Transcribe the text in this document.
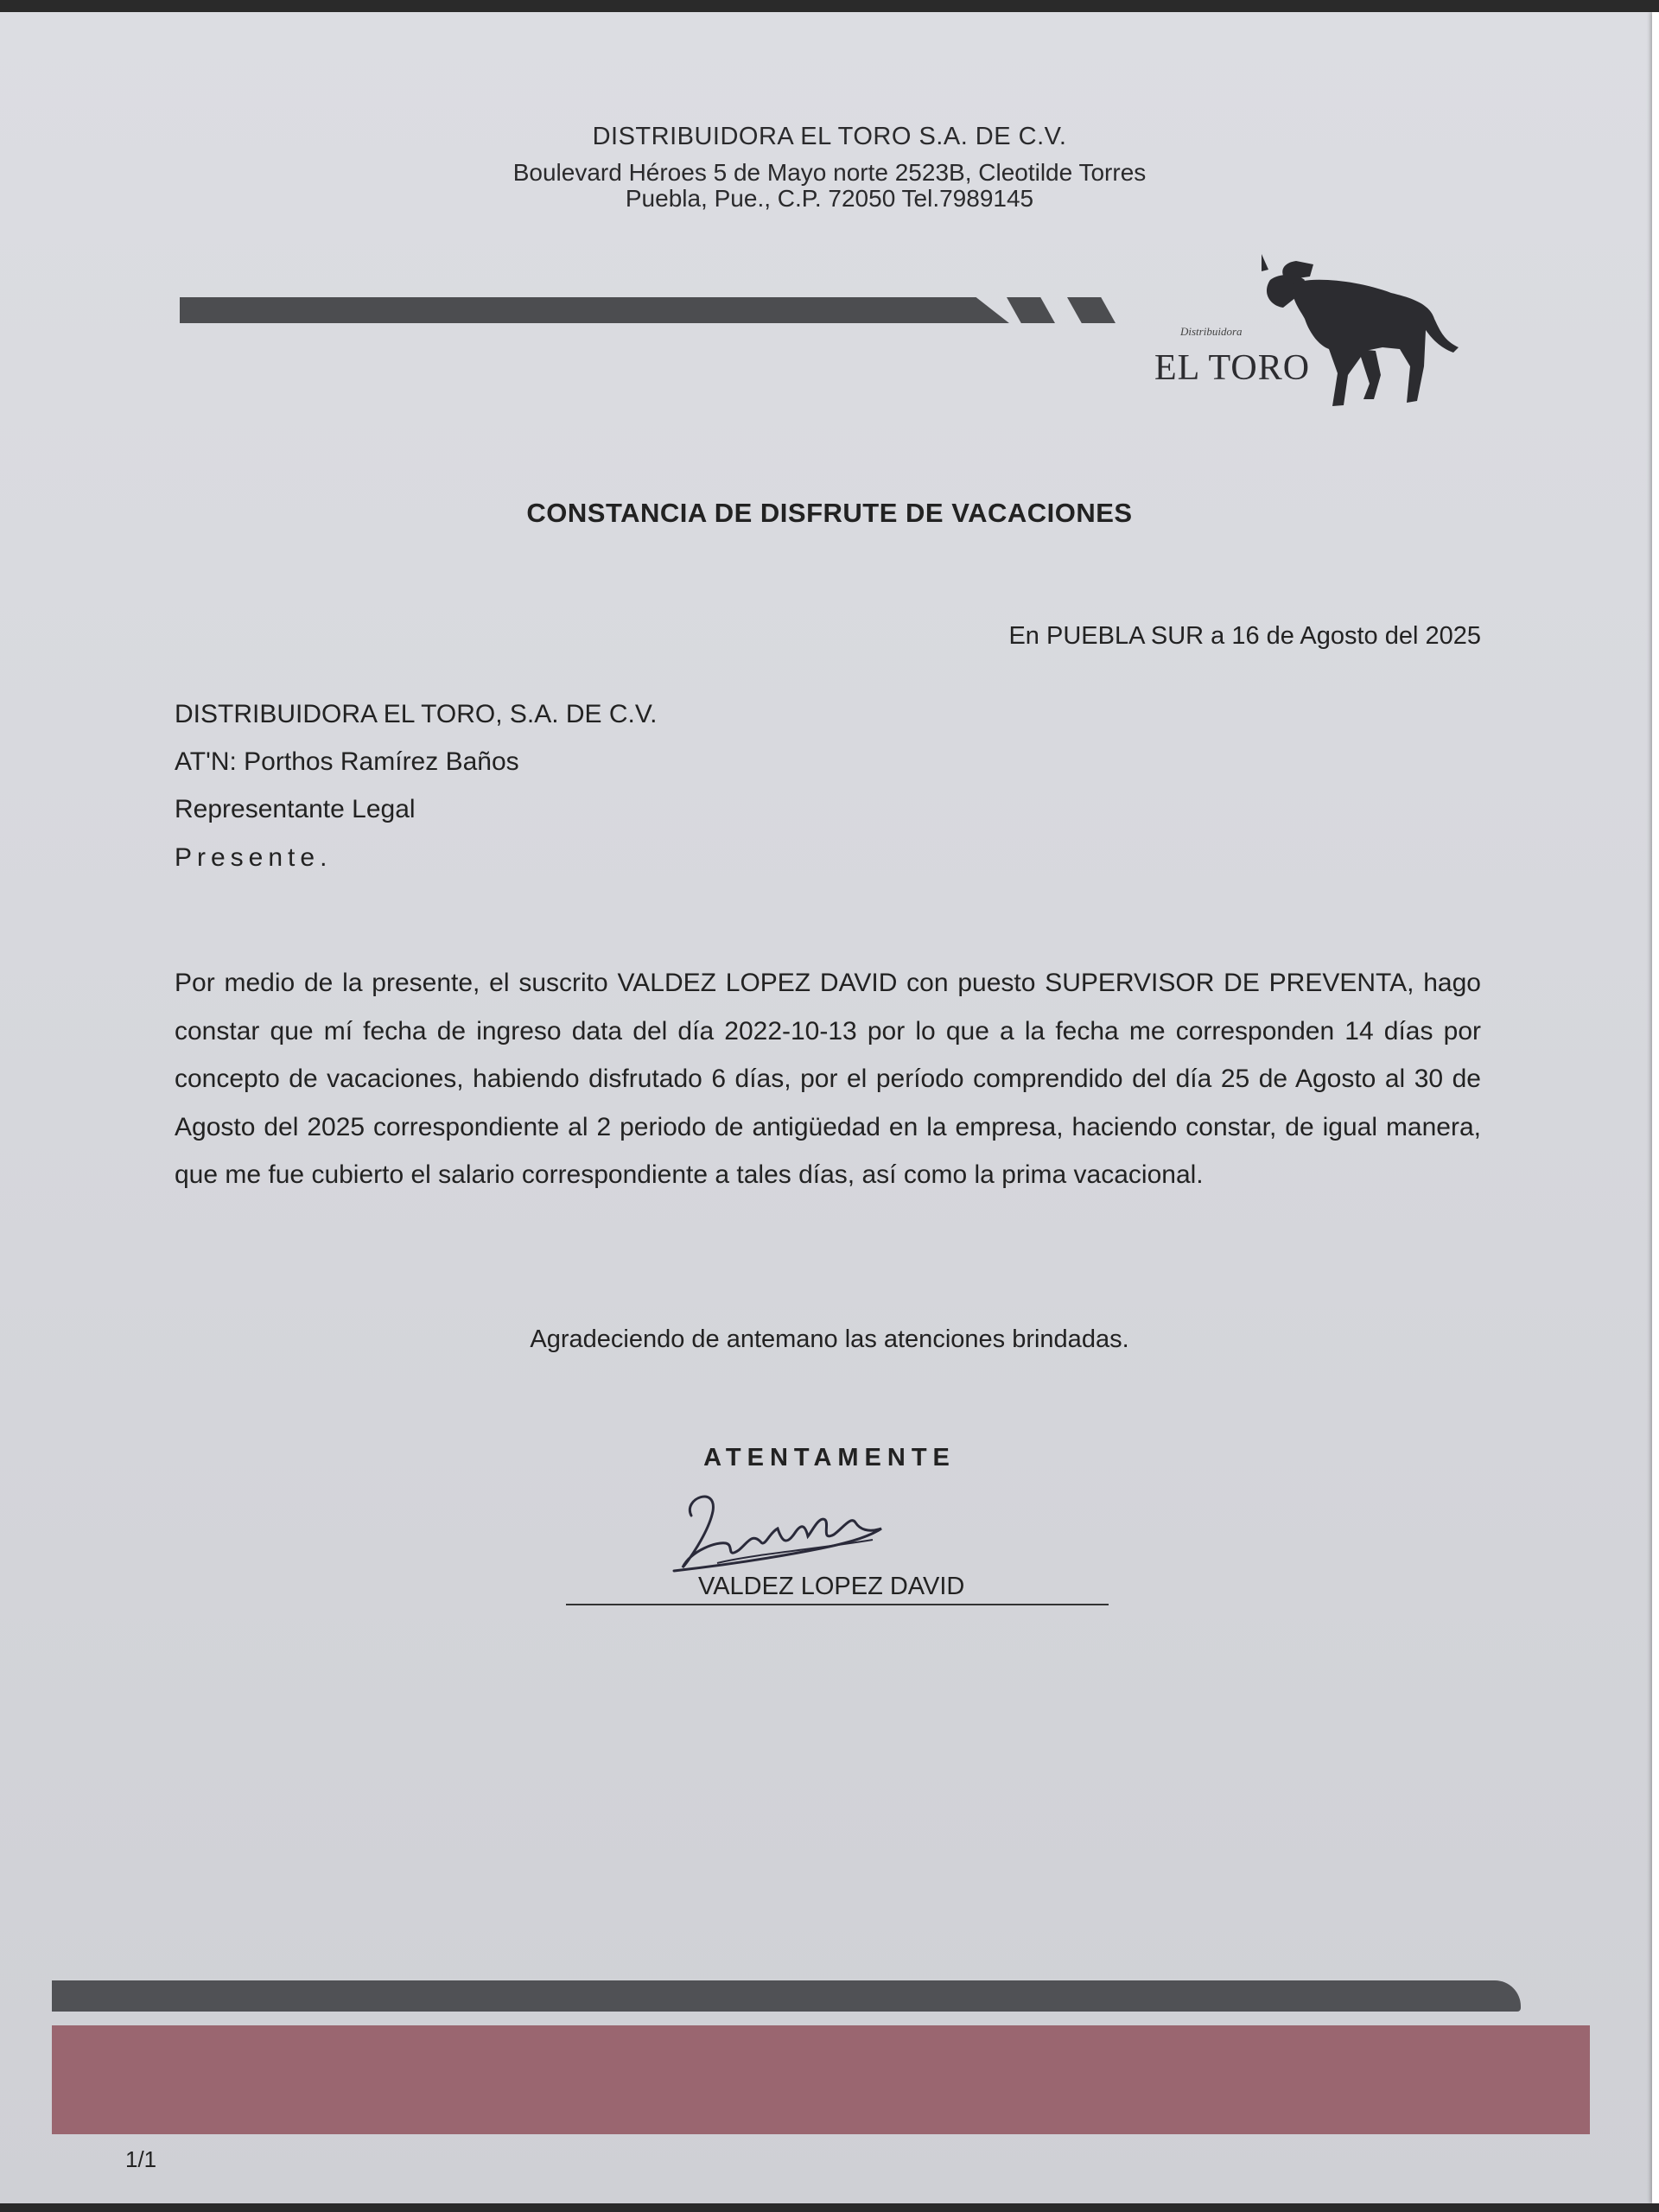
DISTRIBUIDORA EL TORO S.A. DE C.V.
Boulevard Héroes 5 de Mayo norte 2523B, Cleotilde Torres
Puebla, Pue., C.P. 72050 Tel.7989145
Distribuidora
EL TORO
CONSTANCIA DE DISFRUTE DE VACACIONES
En PUEBLA SUR a 16 de Agosto del 2025
DISTRIBUIDORA EL TORO, S.A. DE C.V.
AT'N: Porthos Ramírez Baños
Representante Legal
Presente.
Por medio de la presente, el suscrito VALDEZ LOPEZ DAVID con puesto SUPERVISOR DE PREVENTA, hago constar que mí fecha de ingreso data del día 2022-10-13 por lo que a la fecha me corresponden 14 días por concepto de vacaciones, habiendo disfrutado 6 días, por el período comprendido del día 25 de Agosto al 30 de Agosto del 2025 correspondiente al 2 periodo de antigüedad en la empresa, haciendo constar, de igual manera, que me fue cubierto el salario correspondiente a tales días, así como la prima vacacional.
Agradeciendo de antemano las atenciones brindadas.
ATENTAMENTE
VALDEZ LOPEZ DAVID
1/1
